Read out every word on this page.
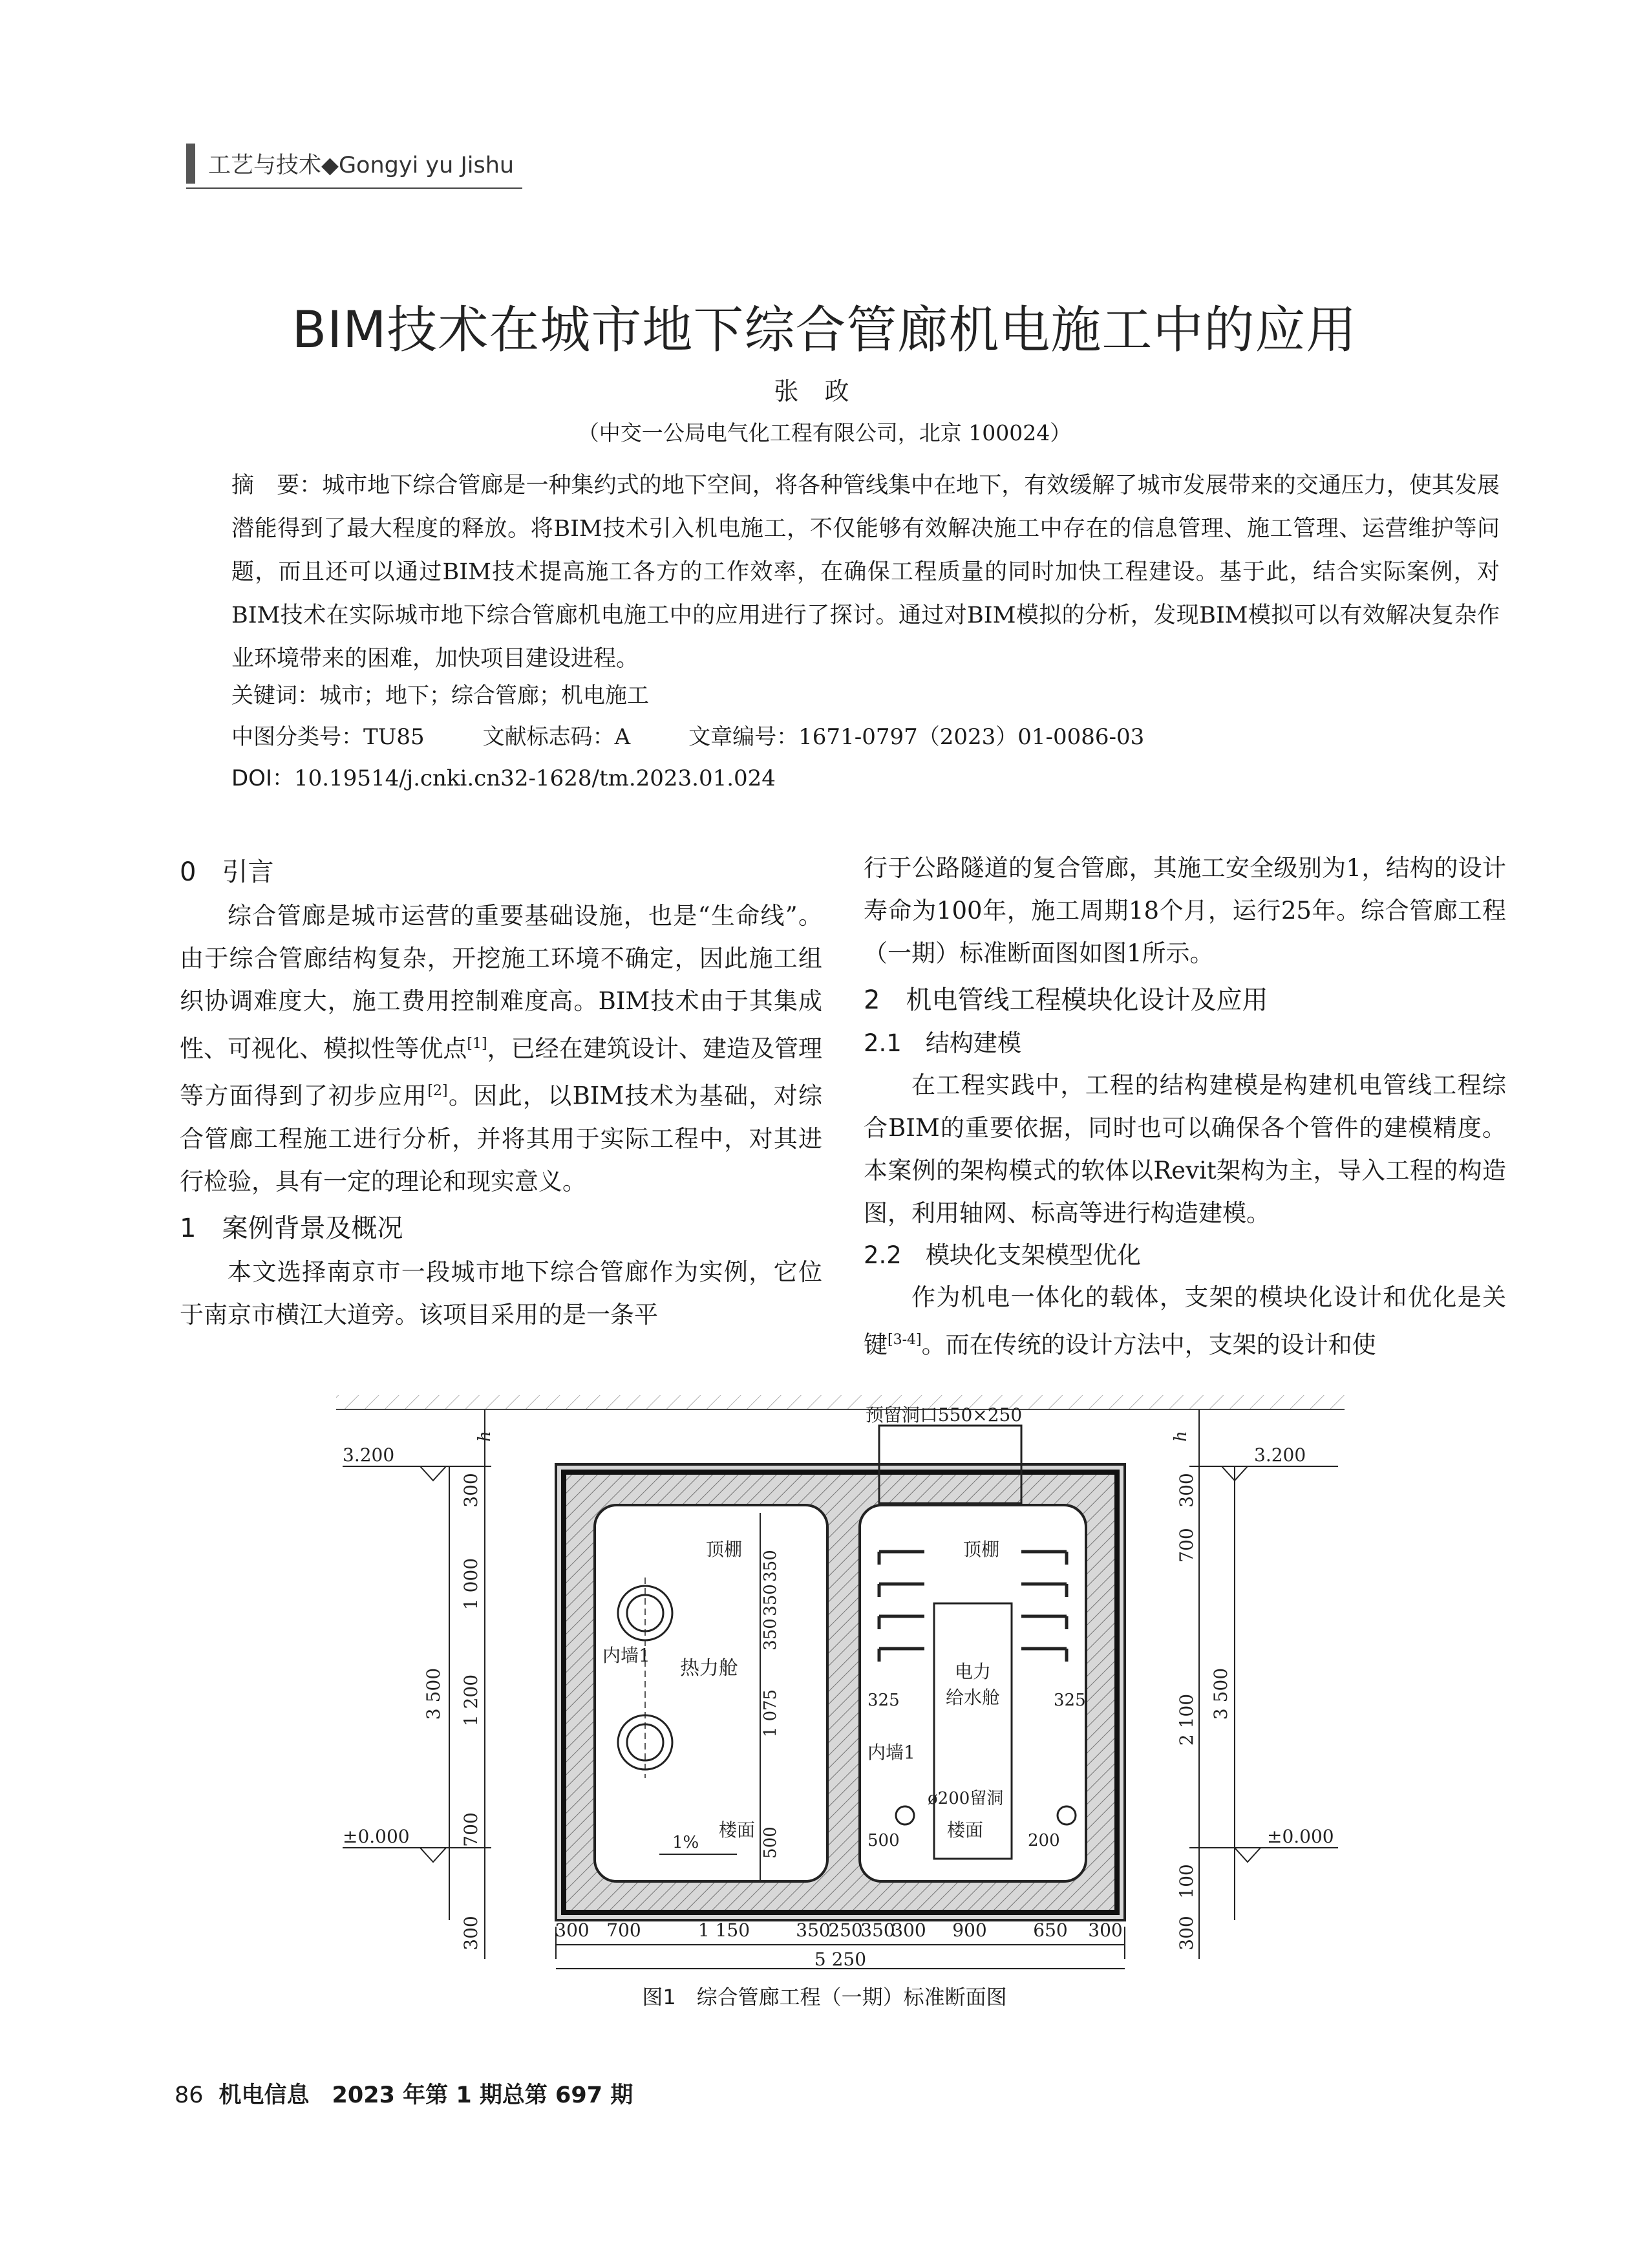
工艺与技术◆Gongyi yu Jishu
BIM技术在城市地下综合管廊机电施工中的应用
张政
（中交一公局电气化工程有限公司，北京 100024）
摘　要：城市地下综合管廊是一种集约式的地下空间，将各种管线集中在地下，有效缓解了城市发展带来的交通压力，使其发展潜能得到了最大程度的释放。将BIM技术引入机电施工，不仅能够有效解决施工中存在的信息管理、施工管理、运营维护等问题，而且还可以通过BIM技术提高施工各方的工作效率，在确保工程质量的同时加快工程建设。基于此，结合实际案例，对BIM技术在实际城市地下综合管廊机电施工中的应用进行了探讨。通过对BIM模拟的分析，发现BIM模拟可以有效解决复杂作业环境带来的困难，加快项目建设进程。
关键词：城市；地下；综合管廊；机电施工
中图分类号：TU85	文献标志码：A	文章编号：1671-0797（2023）01-0086-03
DOI：10.19514/j.cnki.cn32-1628/tm.2023.01.024
0　引言

综合管廊是城市运营的重要基础设施，也是“生命线”。由于综合管廊结构复杂，开挖施工环境不确定，因此施工组织协调难度大，施工费用控制难度高。BIM技术由于其集成性、可视化、模拟性等优点[1]，已经在建筑设计、建造及管理等方面得到了初步应用[2]。因此，以BIM技术为基础，对综合管廊工程施工进行分析，并将其用于实际工程中，对其进行检验，具有一定的理论和现实意义。

1　案例背景及概况

本文选择南京市一段城市地下综合管廊作为实例，它位于南京市横江大道旁。该项目采用的是一条平

行于公路隧道的复合管廊，其施工安全级别为1，结构的设计寿命为100年，施工周期18个月，运行25年。综合管廊工程（一期）标准断面图如图1所示。

2　机电管线工程模块化设计及应用
2.1　结构建模

在工程实践中，工程的结构建模是构建机电管线工程综合BIM的重要依据，同时也可以确保各个管件的建模精度。本案例的架构模式的软体以Revit架构为主，导入工程的构造图，利用轴网、标高等进行构造建模。

2.2　模块化支架模型优化

作为机电一体化的载体，支架的模块化设计和优化是关键[3-4]。而在传统的设计方法中，支架的设计和使

预留洞口550×250
3.200	3.200
±0.000	±0.000
h	h
3 500
300
1 000
1 200
700
300
300
700
2 100
100
300
3 500
顶棚
内墙1
热力舱
350
350
350
1 075
500
楼面
1%
顶棚
电力
给水舱
325	325
内墙1
ø200留洞
楼面
500	200
300 700	1 150	350
250
350
300 900	650 300
5 250
图1　综合管廊工程（一期）标准断面图
86 机电信息　2023 年第 1 期总第 697 期
